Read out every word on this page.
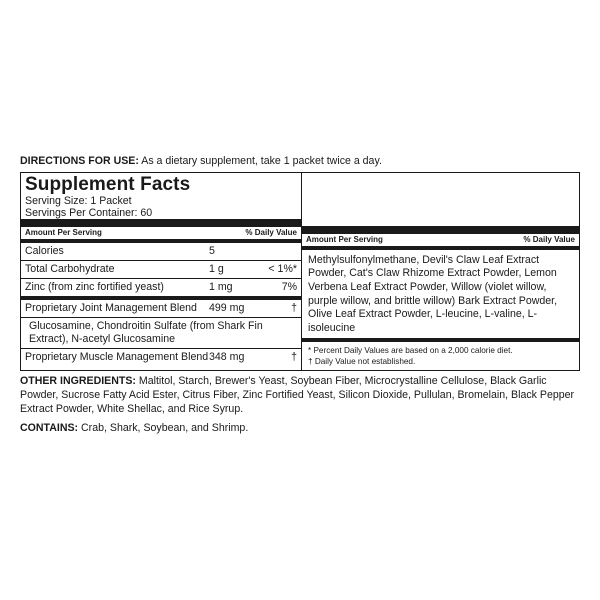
DIRECTIONS FOR USE: As a dietary supplement, take 1 packet twice a day.
Supplement Facts
Serving Size: 1 Packet
Servings Per Container: 60
Amount Per Serving	% Daily Value
Calories	5
Total Carbohydrate	1 g	< 1%*
Zinc (from zinc fortified yeast)	1 mg	7%
Proprietary Joint Management Blend	499 mg	†
Glucosamine, Chondroitin Sulfate (from Shark Fin Extract), N-acetyl Glucosamine
Proprietary Muscle Management Blend 348 mg	†
Amount Per Serving	% Daily Value
Methylsulfonylmethane, Devil's Claw Leaf Extract Powder, Cat's Claw Rhizome Extract Powder, Lemon Verbena Leaf Extract Powder, Willow (violet willow, purple willow, and brittle willow) Bark Extract Powder, Olive Leaf Extract Powder, L-leucine, L-valine, L-isoleucine
* Percent Daily Values are based on a 2,000 calorie diet.
† Daily Value not established.
OTHER INGREDIENTS: Maltitol, Starch, Brewer's Yeast, Soybean Fiber, Microcrystalline Cellulose, Black Garlic Powder, Sucrose Fatty Acid Ester, Citrus Fiber, Zinc Fortified Yeast, Silicon Dioxide, Pullulan, Bromelain, Black Pepper Extract Powder, White Shellac, and Rice Syrup.
CONTAINS: Crab, Shark, Soybean, and Shrimp.
